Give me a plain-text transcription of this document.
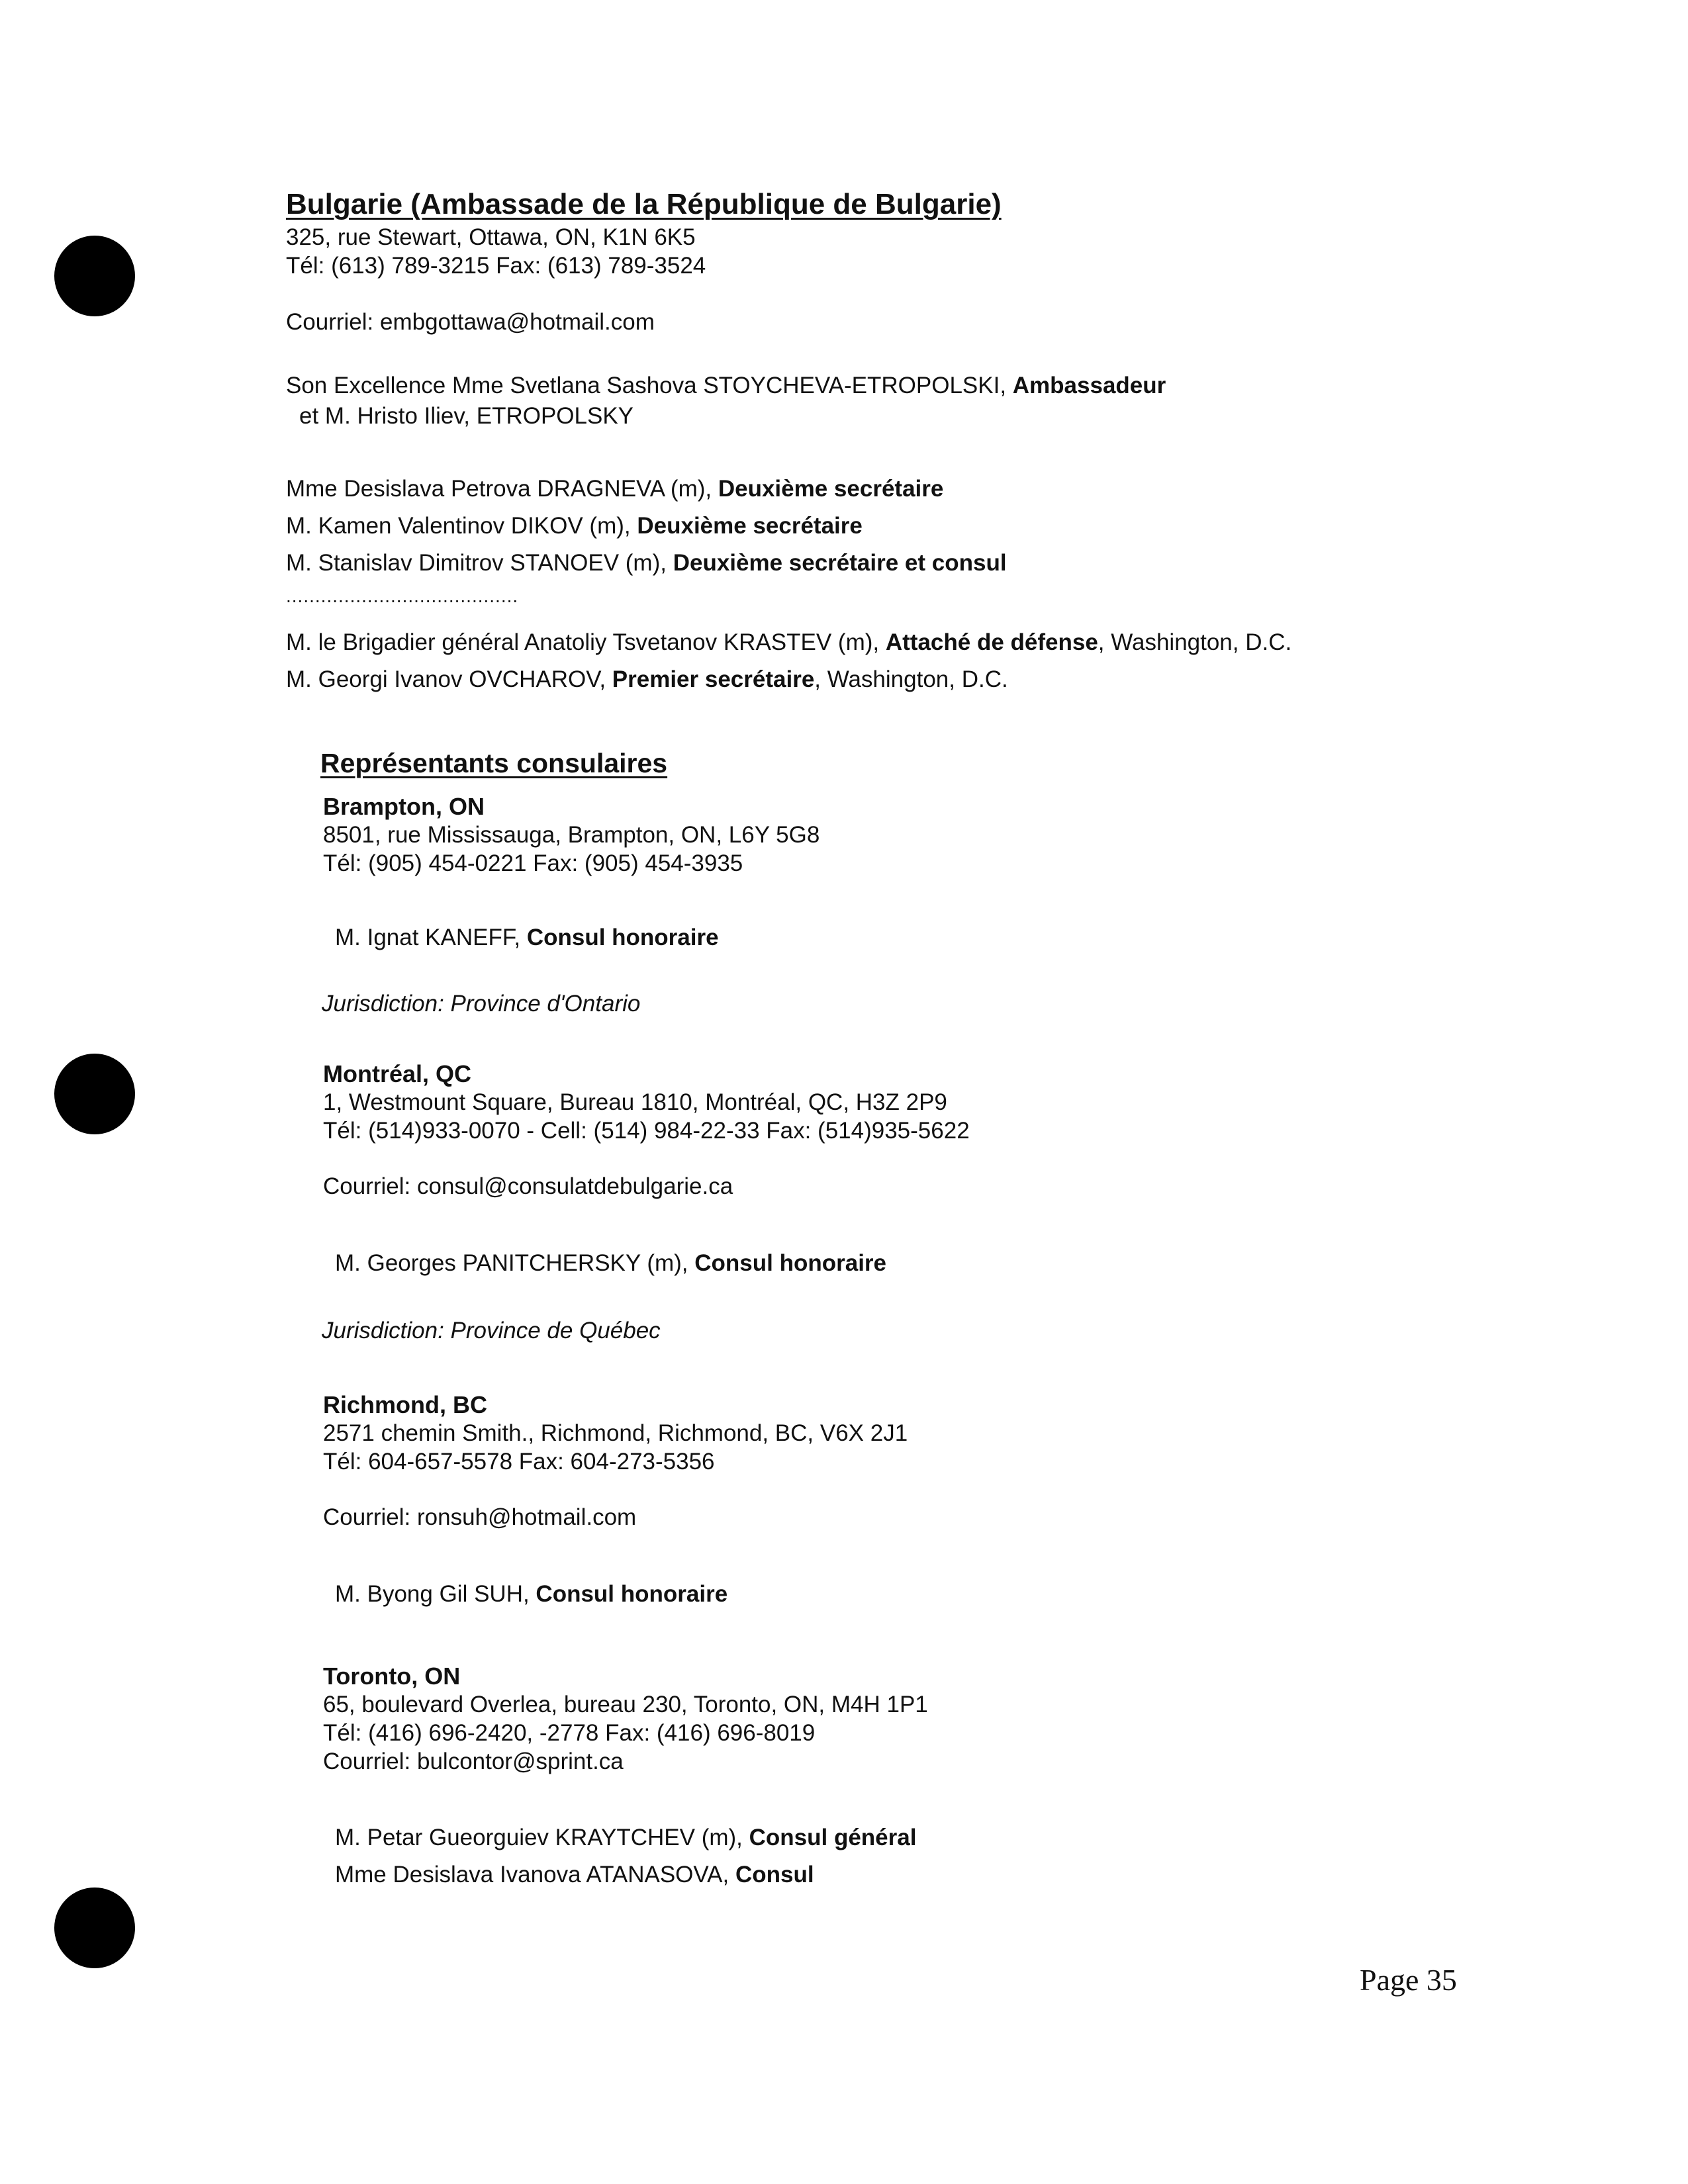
Bulgarie (Ambassade de la République de Bulgarie)
325, rue Stewart, Ottawa, ON, K1N 6K5
Tél: (613) 789-3215 Fax: (613) 789-3524
Courriel: embgottawa@hotmail.com
Son Excellence Mme Svetlana Sashova STOYCHEVA-ETROPOLSKI, Ambassadeur
et M. Hristo Iliev, ETROPOLSKY
Mme Desislava Petrova DRAGNEVA (m), Deuxième secrétaire
M. Kamen Valentinov DIKOV (m), Deuxième secrétaire
M. Stanislav Dimitrov STANOEV (m), Deuxième secrétaire et consul
........................................
M. le Brigadier général Anatoliy Tsvetanov KRASTEV (m), Attaché de défense, Washington, D.C.
M. Georgi Ivanov OVCHAROV, Premier secrétaire, Washington, D.C.
Représentants consulaires
Brampton, ON
8501, rue Mississauga, Brampton, ON, L6Y 5G8
Tél: (905) 454-0221 Fax: (905) 454-3935
M. Ignat KANEFF, Consul honoraire
Jurisdiction: Province d'Ontario
Montréal, QC
1, Westmount Square, Bureau 1810, Montréal, QC, H3Z 2P9
Tél: (514)933-0070 - Cell: (514) 984-22-33 Fax: (514)935-5622
Courriel: consul@consulatdebulgarie.ca
M. Georges PANITCHERSKY (m), Consul honoraire
Jurisdiction: Province de Québec
Richmond, BC
2571 chemin Smith., Richmond, Richmond, BC, V6X 2J1
Tél: 604-657-5578 Fax: 604-273-5356
Courriel: ronsuh@hotmail.com
M. Byong Gil SUH, Consul honoraire
Toronto, ON
65, boulevard Overlea, bureau 230, Toronto, ON, M4H 1P1
Tél: (416) 696-2420, -2778 Fax: (416) 696-8019
Courriel: bulcontor@sprint.ca
M. Petar Gueorguiev KRAYTCHEV (m), Consul général
Mme Desislava Ivanova ATANASOVA, Consul
Page 35
